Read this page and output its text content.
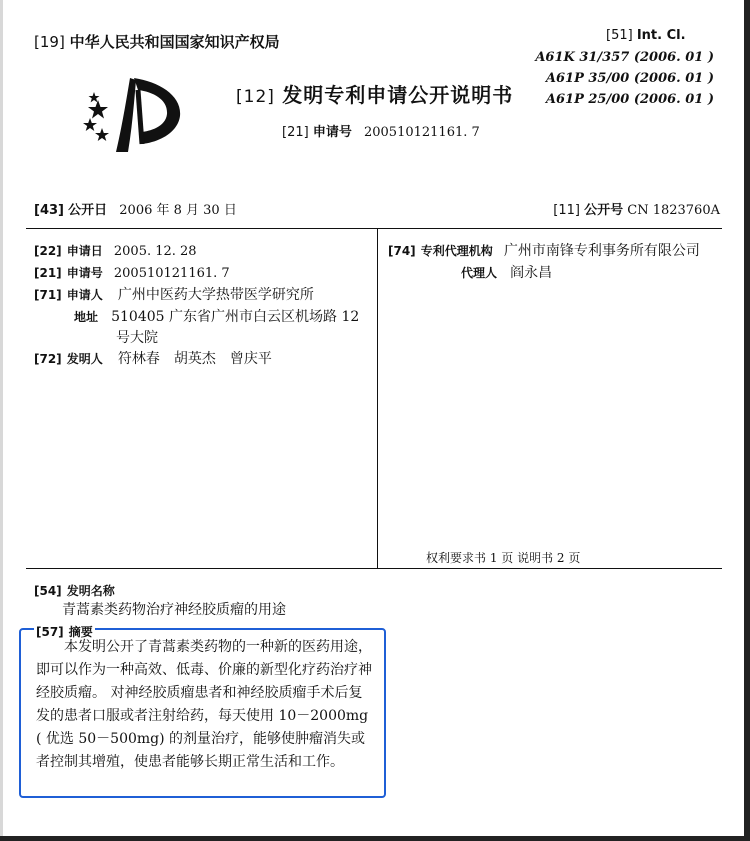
[19] 中华人民共和国国家知识产权局
[12] 发明专利申请公开说明书
[21] 申请号 200510121161. 7
[51] Int. Cl.
A61K 31/357 (2006. 01 )
A61P 35/00 (2006. 01 )
A61P 25/00 (2006. 01 )
[43] 公开日 2006 年 8 月 30 日	[11] 公开号 CN 1823760A
[22] 申请日 2005. 12. 28
[21] 申请号 200510121161. 7
[71] 申请人 广州中医药大学热带医学研究所
地址 510405 广东省广州市白云区机场路 12
号大院
[72] 发明人 符林春　胡英杰　曾庆平
[74] 专利代理机构 广州市南锋专利事务所有限公司
代理人 阎永昌
权利要求书 1 页 说明书 2 页
[54] 发明名称
青蒿素类药物治疗神经胶质瘤的用途
[57] 摘要
本发明公开了青蒿素类药物的一种新的医药用途，即可以作为一种高效、低毒、价廉的新型化疗药治疗神经胶质瘤。 对神经胶质瘤患者和神经胶质瘤手术后复发的患者口服或者注射给药，每天使用 10－2000mg( 优选 50－500mg) 的剂量治疗，能够使肿瘤消失或者控制其增殖，使患者能够长期正常生活和工作。
